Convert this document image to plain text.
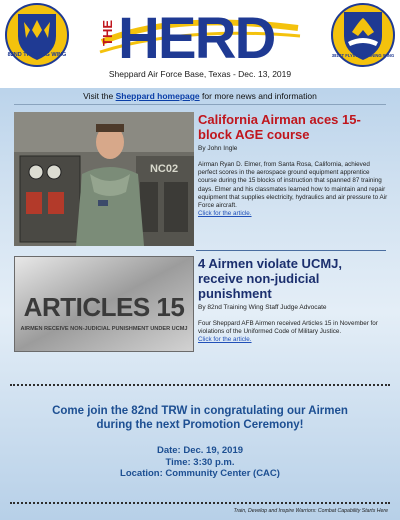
82ND TRAINING WING
THE HERD	381ST FLYING TRAINING WING
Sheppard Air Force Base, Texas - Dec. 13, 2019
Visit the Sheppard homepage for more news and information
NC02
California Airman aces 15-block AGE course
By John Ingle
Airman Ryan D. Elmer, from Santa Rosa, California, achieved perfect scores in the aerospace ground equipment apprentice course during the 15 blocks of instruction that spanned 87 training days. Elmer and his classmates learned how to maintain and repair equipment that supplies electricity, hydraulics and air pressure to Air Force aircraft.
Click for the article.
ARTICLES 15
AIRMEN RECEIVE NON-JUDICIAL PUNISHMENT UNDER UCMJ
4 Airmen violate UCMJ, receive non-judicial punishment
By 82nd Training Wing Staff Judge Advocate
Four Sheppard AFB Airmen received Articles 15 in November for violations of the Uniformed Code of Military Justice.
Click for the article.
Come join the 82nd TRW in congratulating our Airmen
during the next Promotion Ceremony!
Date: Dec. 19, 2019
Time: 3:30 p.m.
Location: Community Center (CAC)
Train, Develop and Inspire Warriors: Combat Capability Starts Here
